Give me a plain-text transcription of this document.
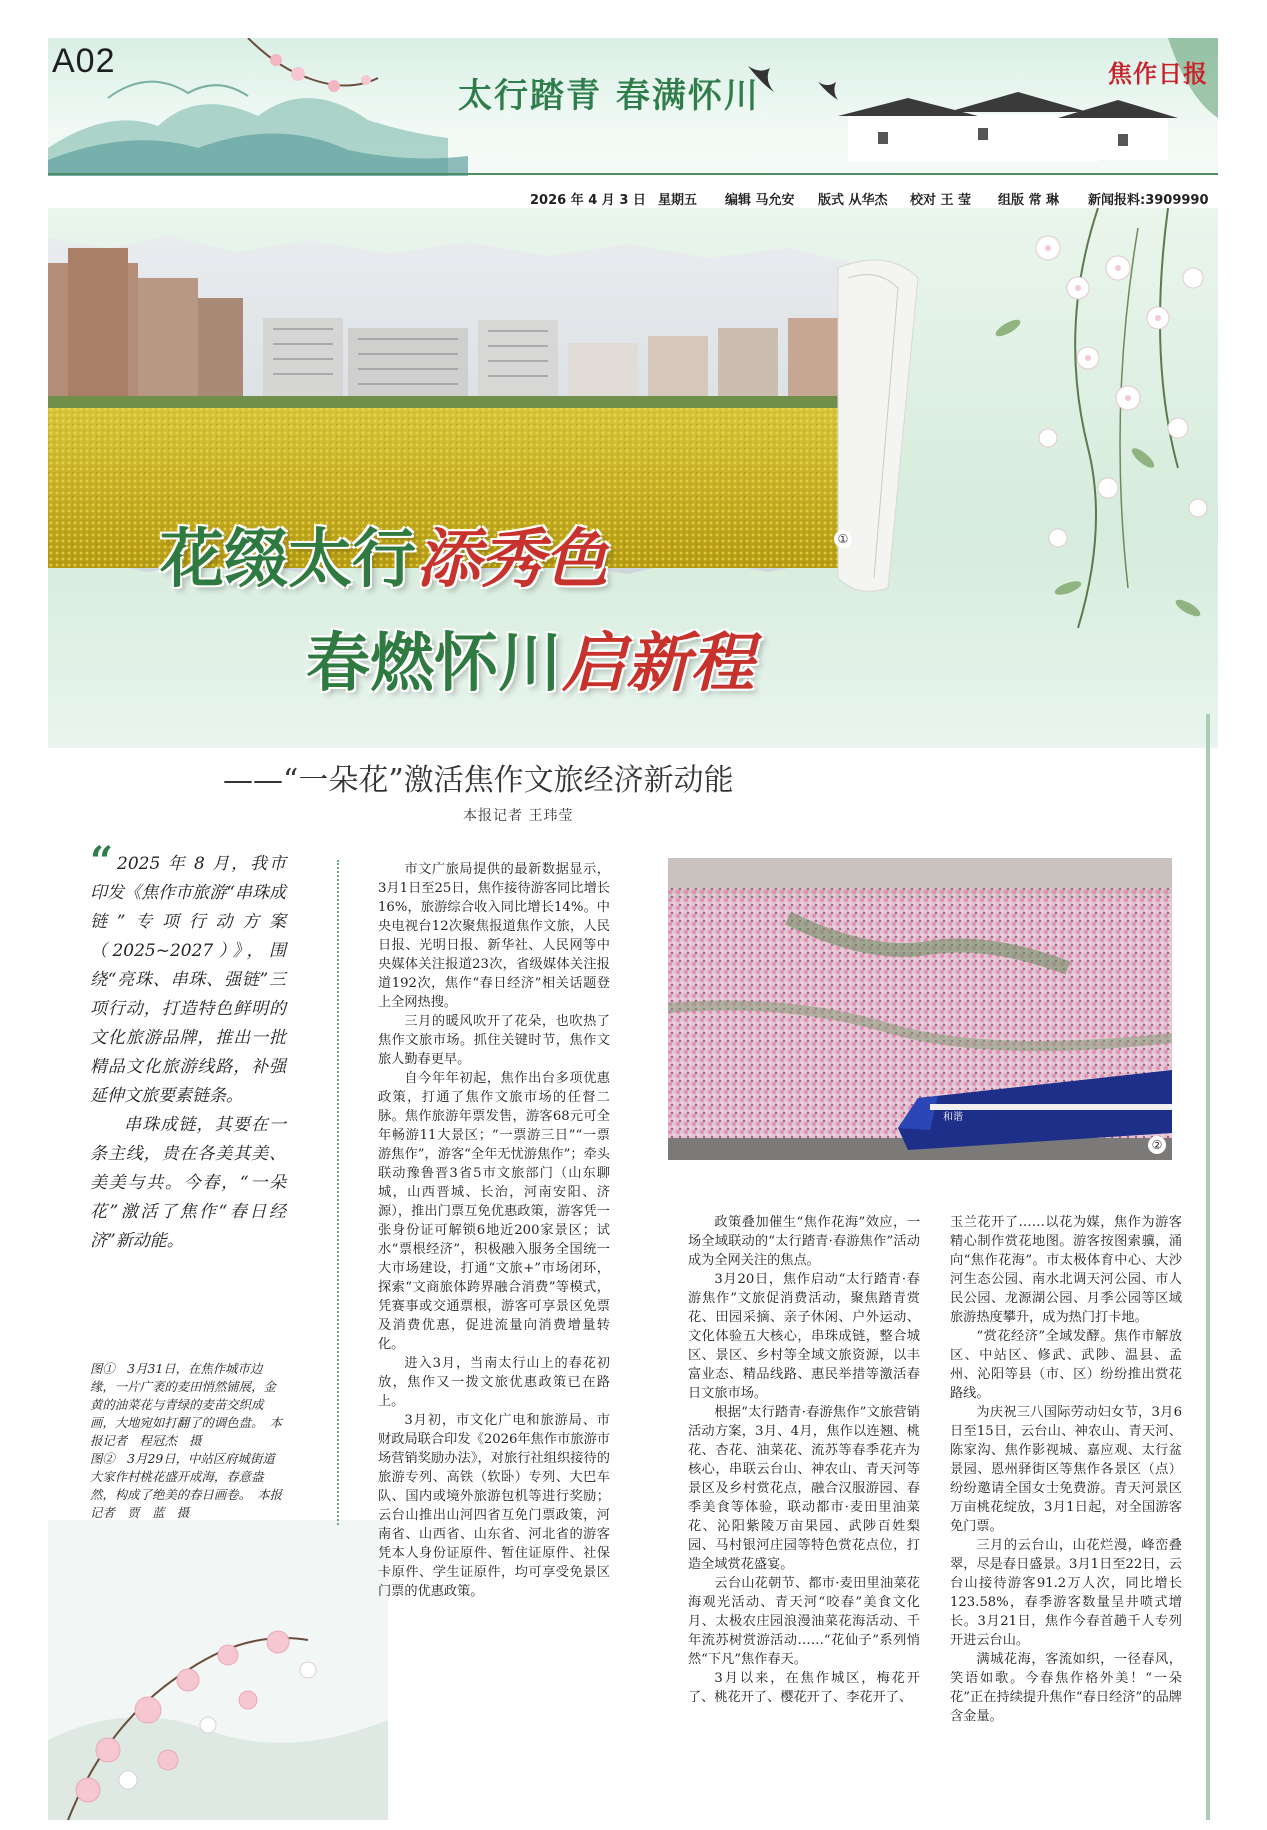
A02
太行踏青 春满怀川
焦作日报
2026 年 4 月 3 日 星期五 编辑 马允安 版式 从华杰 校对 王 莹 组版 常 琳 新闻报料:3909990
①
花缀太行添秀色
春燃怀川启新程
——“一朵花”激活焦作文旅经济新动能
本报记者 王玮莹

“ 2025 年 8 月，我市印发《焦作市旅游“串珠成链”专项行动方案（2025~2027）》，围绕“亮珠、串珠、强链”三项行动，打造特色鲜明的文化旅游品牌，推出一批精品文化旅游线路，补强延伸文旅要素链条。

串珠成链，其要在一条主线，贵在各美其美、美美与共。今春，“一朵花”激活了焦作“春日经济”新动能。

图①　3月31日，在焦作城市边缘，一片广袤的麦田悄然铺展，金黄的油菜花与青绿的麦苗交织成画，大地宛如打翻了的调色盘。　本报记者　程冠杰　摄

图②　3月29日，中站区府城街道大家作村桃花盛开成海，春意盎然，构成了绝美的春日画卷。　本报记者　贾　蓝　摄

市文广旅局提供的最新数据显示，3月1日至25日，焦作接待游客同比增长16%，旅游综合收入同比增长14%。中央电视台12次聚焦报道焦作文旅，人民日报、光明日报、新华社、人民网等中央媒体关注报道23次，省级媒体关注报道192次，焦作“春日经济”相关话题登上全网热搜。

三月的暖风吹开了花朵，也吹热了焦作文旅市场。抓住关键时节，焦作文旅人勤春更早。

自今年年初起，焦作出台多项优惠政策，打通了焦作文旅市场的任督二脉。焦作旅游年票发售，游客68元可全年畅游11大景区；“一票游三日”“一票游焦作”，游客“全年无忧游焦作”；牵头联动豫鲁晋3省5市文旅部门（山东聊城，山西晋城、长治，河南安阳、济源），推出门票互免优惠政策，游客凭一张身份证可解锁6地近200家景区；试水“票根经济”，积极融入服务全国统一大市场建设，打通“文旅+”市场闭环，探索“文商旅体跨界融合消费”等模式，凭赛事或交通票根，游客可享景区免票及消费优惠，促进流量向消费增量转化。

进入3月，当南太行山上的春花初放，焦作又一拨文旅优惠政策已在路上。

3月初，市文化广电和旅游局、市财政局联合印发《2026年焦作市旅游市场营销奖励办法》，对旅行社组织接待的旅游专列、高铁（软卧）专列、大巴车队、国内或境外旅游包机等进行奖励；云台山推出山河四省互免门票政策，河南省、山西省、山东省、河北省的游客凭本人身份证原件、暂住证原件、社保卡原件、学生证原件，均可享受免景区门票的优惠政策。

和谐
②

政策叠加催生“焦作花海”效应，一场全域联动的“太行踏青·春游焦作”活动成为全网关注的焦点。

3月20日，焦作启动“太行踏青·春游焦作”文旅促消费活动，聚焦踏青赏花、田园采摘、亲子休闲、户外运动、文化体验五大核心，串珠成链，整合城区、景区、乡村等全域文旅资源，以丰富业态、精品线路、惠民举措等激活春日文旅市场。

根据“太行踏青·春游焦作”文旅营销活动方案，3月、4月，焦作以连翘、桃花、杏花、油菜花、流苏等春季花卉为核心，串联云台山、神农山、青天河等景区及乡村赏花点，融合汉服游园、春季美食等体验，联动都市·麦田里油菜花、沁阳紫陵万亩果园、武陟百姓梨园、马村银河庄园等特色赏花点位，打造全域赏花盛宴。

云台山花朝节、都市·麦田里油菜花海观光活动、青天河“咬春”美食文化月、太极农庄园浪漫油菜花海活动、千年流苏树赏游活动……“花仙子”系列悄然“下凡”焦作春天。

3月以来，在焦作城区，梅花开了、桃花开了、樱花开了、李花开了、

玉兰花开了……以花为媒，焦作为游客精心制作赏花地图。游客按图索骥，涌向“焦作花海”。市太极体育中心、大沙河生态公园、南水北调天河公园、市人民公园、龙源湖公园、月季公园等区域旅游热度攀升，成为热门打卡地。

“赏花经济”全域发酵。焦作市解放区、中站区、修武、武陟、温县、孟州、沁阳等县（市、区）纷纷推出赏花路线。

为庆祝三八国际劳动妇女节，3月6日至15日，云台山、神农山、青天河、陈家沟、焦作影视城、嘉应观、太行盆景园、恩州驿街区等焦作各景区（点）纷纷邀请全国女士免费游。青天河景区万亩桃花绽放，3月1日起，对全国游客免门票。

三月的云台山，山花烂漫，峰峦叠翠，尽是春日盛景。3月1日至22日，云台山接待游客91.2万人次，同比增长123.58%，春季游客数量呈井喷式增长。3月21日，焦作今春首趟千人专列开进云台山。

满城花海，客流如织，一径春风，笑语如歌。今春焦作格外美！“一朵花”正在持续提升焦作“春日经济”的品牌含金量。
